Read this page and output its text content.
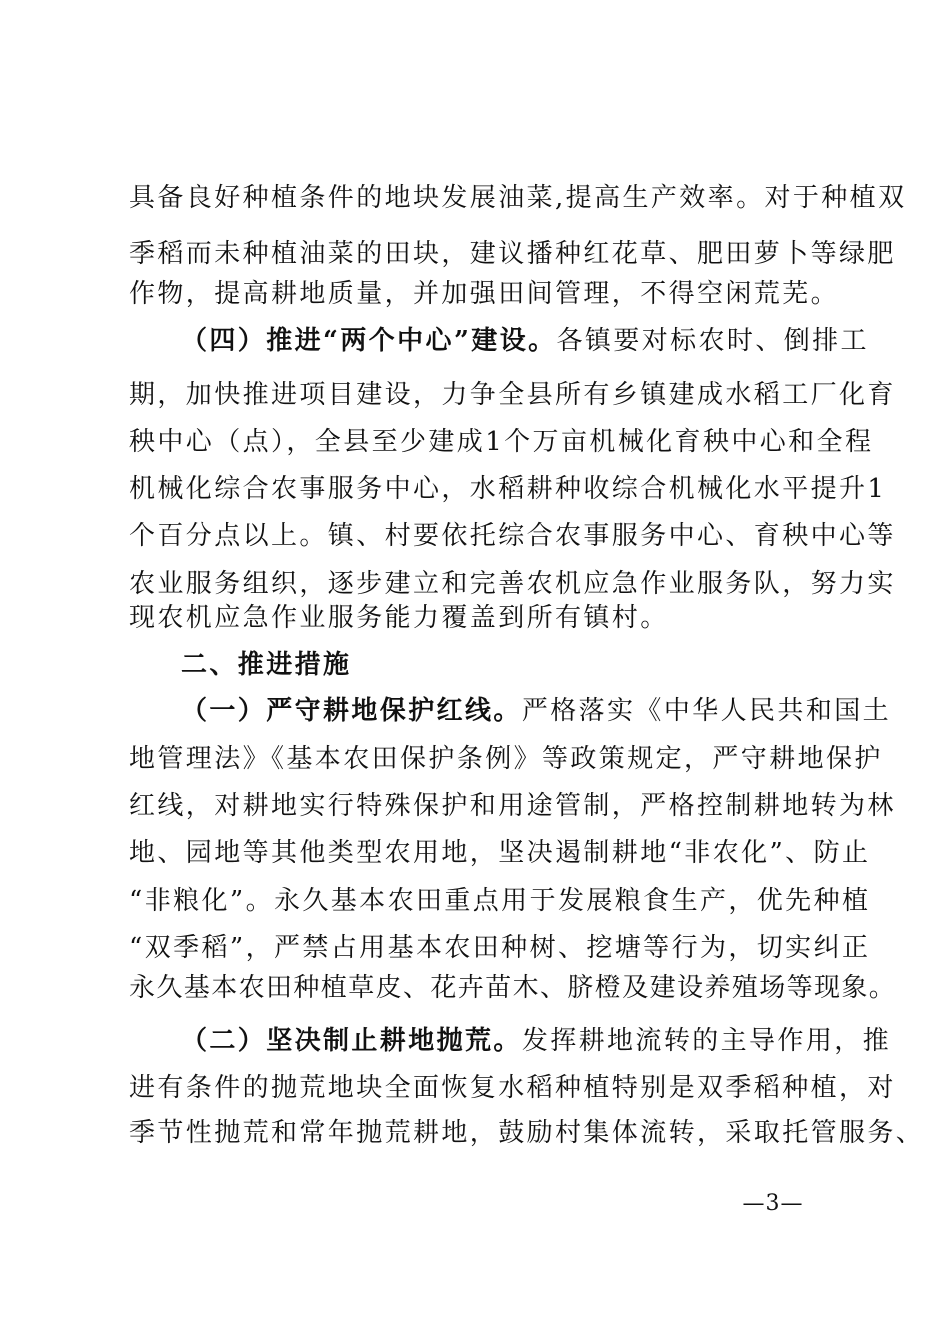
具备良好种植条件的地块发展油菜,提高生产效率。对于种植双
季稻而未种植油菜的田块，建议播种红花草、肥田萝卜等绿肥
作物，提高耕地质量，并加强田间管理，不得空闲荒芜。
（四）推进“两个中心”建设。各镇要对标农时、倒排工
期，加快推进项目建设，力争全县所有乡镇建成水稻工厂化育
秧中心（点），全县至少建成1个万亩机械化育秧中心和全程
机械化综合农事服务中心，水稻耕种收综合机械化水平提升1
个百分点以上。镇、村要依托综合农事服务中心、育秧中心等
农业服务组织，逐步建立和完善农机应急作业服务队，努力实
现农机应急作业服务能力覆盖到所有镇村。
二、推进措施
（一）严守耕地保护红线。严格落实《中华人民共和国土
地管理法》《基本农田保护条例》等政策规定，严守耕地保护
红线，对耕地实行特殊保护和用途管制，严格控制耕地转为林
地、园地等其他类型农用地，坚决遏制耕地“非农化”、防止
“非粮化”。永久基本农田重点用于发展粮食生产，优先种植
“双季稻”，严禁占用基本农田种树、挖塘等行为，切实纠正
永久基本农田种植草皮、花卉苗木、脐橙及建设养殖场等现象。
（二）坚决制止耕地抛荒。发挥耕地流转的主导作用，推
进有条件的抛荒地块全面恢复水稻种植特别是双季稻种植，对
季节性抛荒和常年抛荒耕地，鼓励村集体流转，采取托管服务、
—3—
